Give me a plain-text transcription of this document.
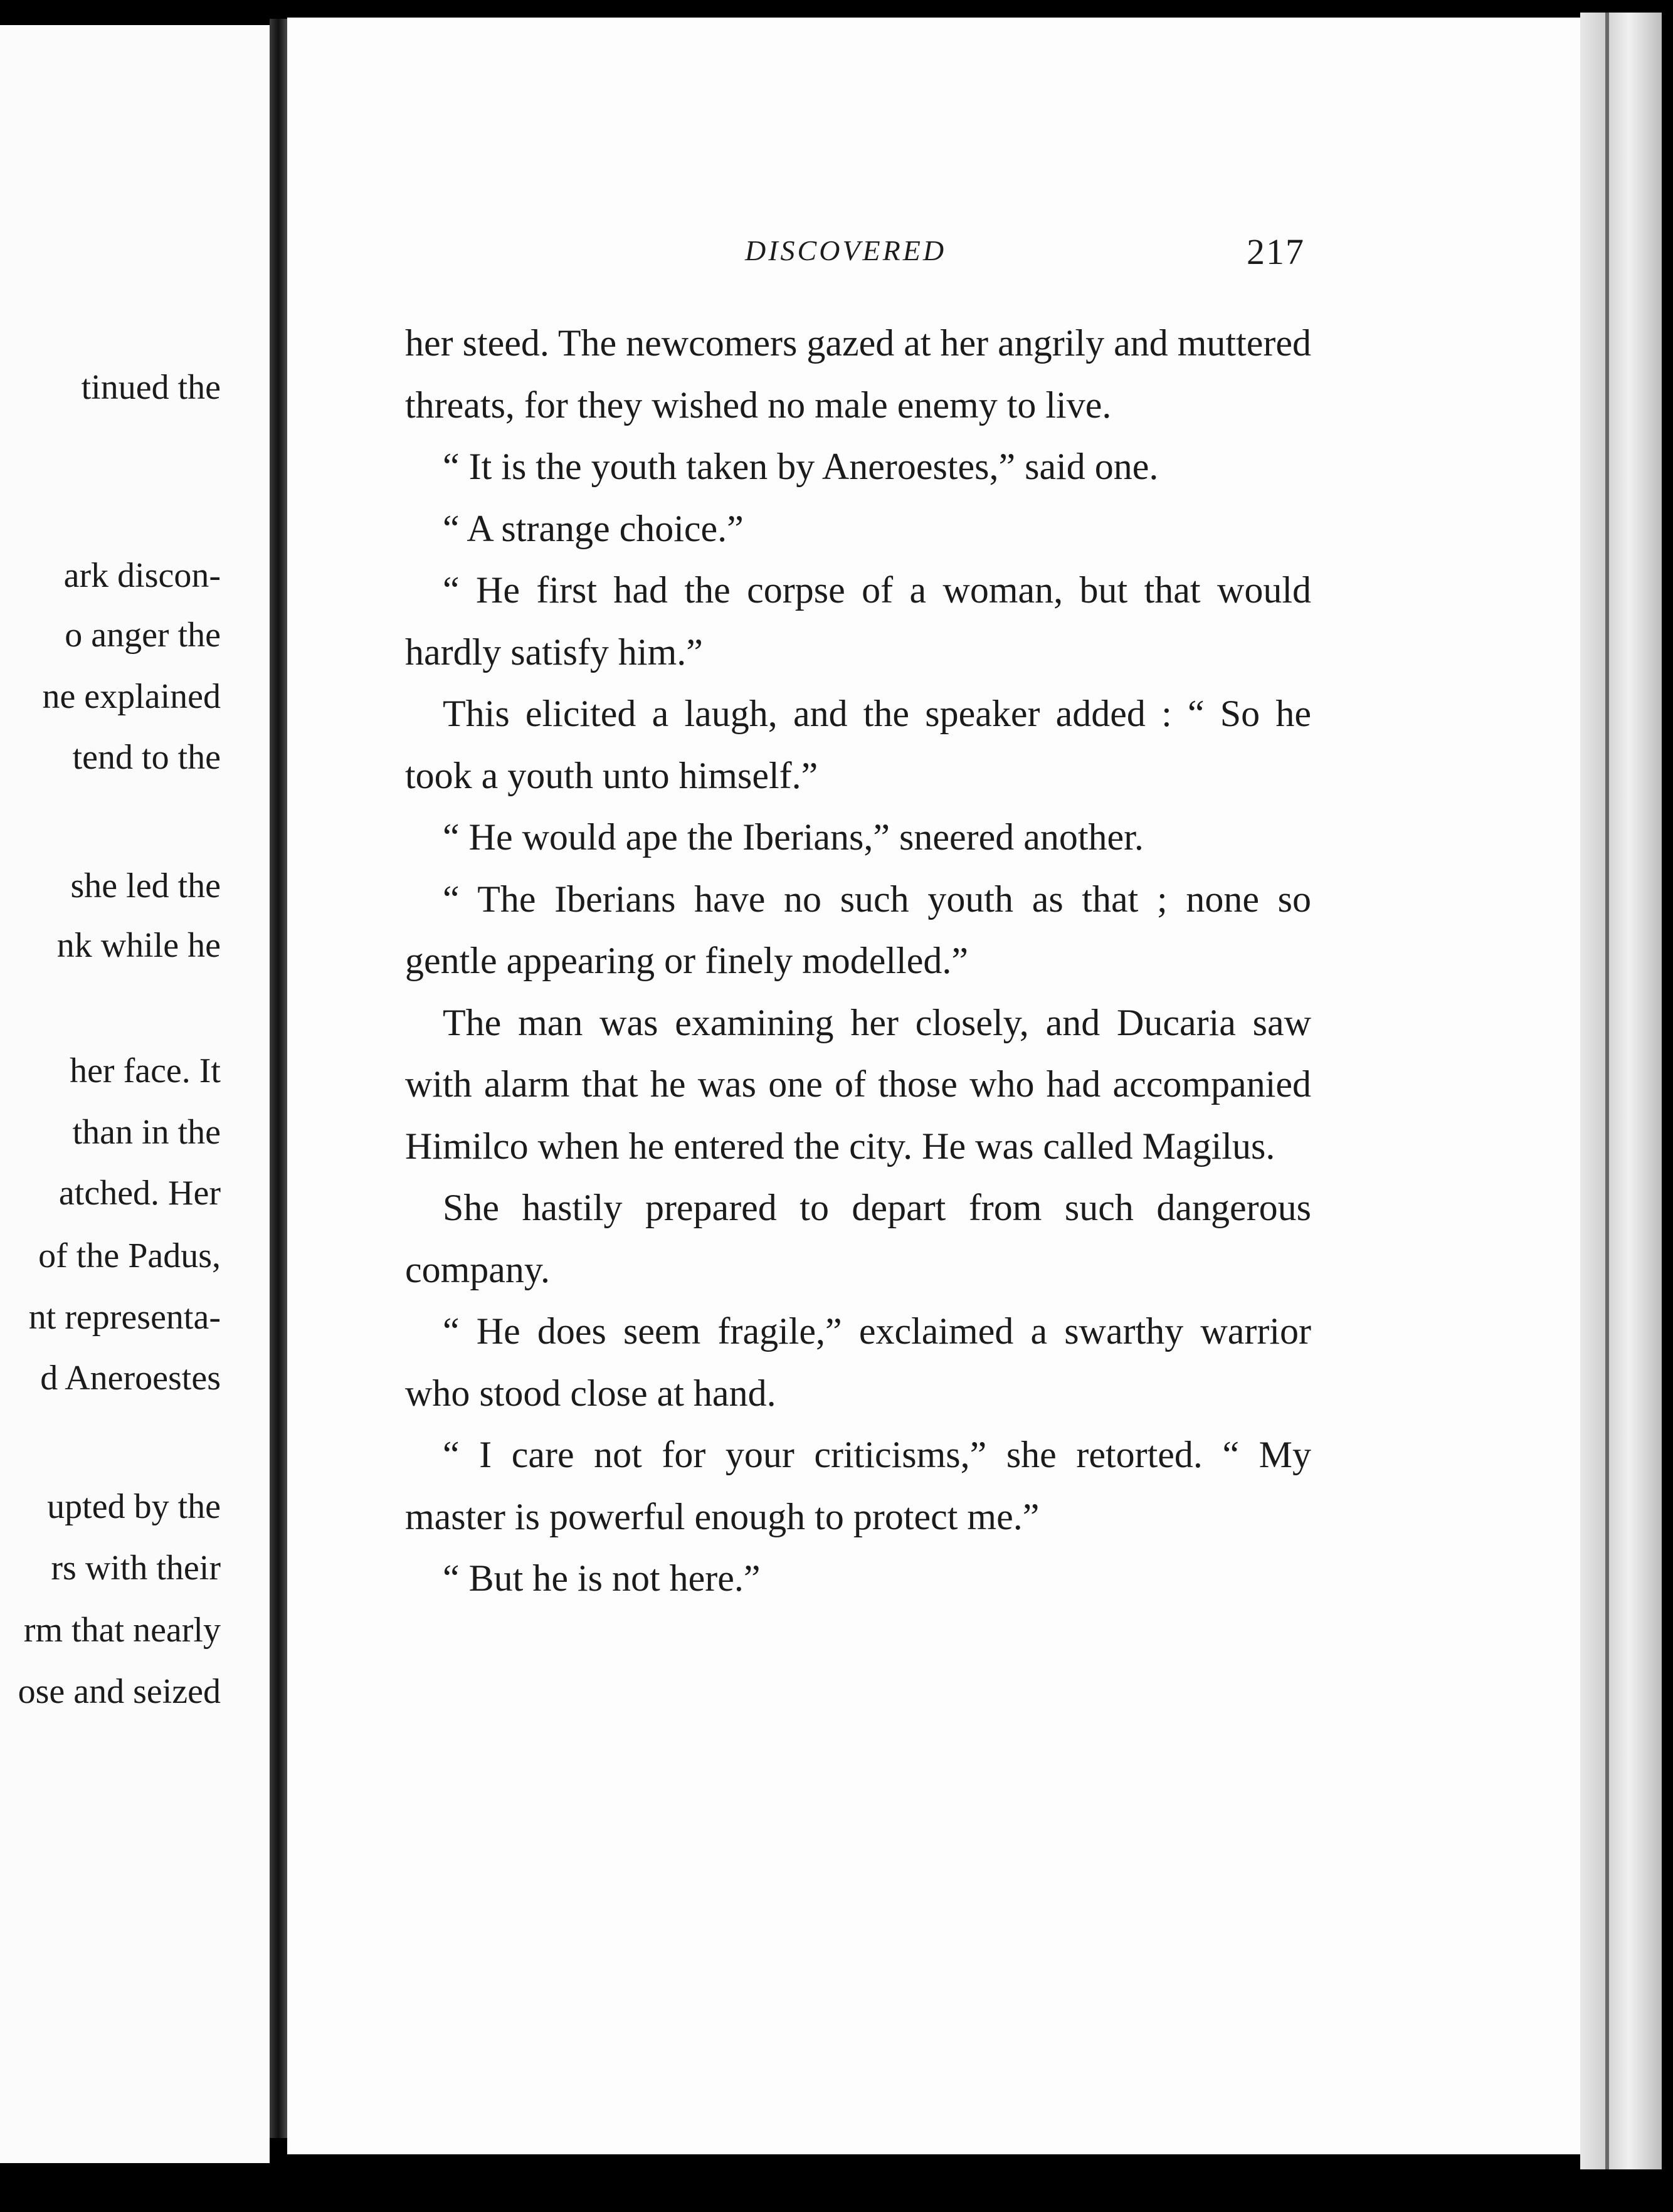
tinued the
ark discon-
o anger the
ne explained
tend to the
she led the
nk while he
her face. It
than in the
atched. Her
of the Padus,
nt representa-
d Aneroestes
upted by the
rs with their
rm that nearly
ose and seized
DISCOVERED	217

her steed. The newcomers gazed at her angrily and muttered threats, for they wished no male enemy to live.

“ It is the youth taken by Aneroestes,” said one.

“ A strange choice.”

“ He first had the corpse of a woman, but that would hardly satisfy him.”

This elicited a laugh, and the speaker added : “ So he took a youth unto himself.”

“ He would ape the Iberians,” sneered another.

“ The Iberians have no such youth as that ; none so gentle appearing or finely modelled.”

The man was examining her closely, and Ducaria saw with alarm that he was one of those who had accompanied Himilco when he entered the city. He was called Magilus.

She hastily prepared to depart from such dangerous company.

“ He does seem fragile,” exclaimed a swarthy warrior who stood close at hand.

“ I care not for your criticisms,” she retorted. “ My master is powerful enough to protect me.”

“ But he is not here.”
